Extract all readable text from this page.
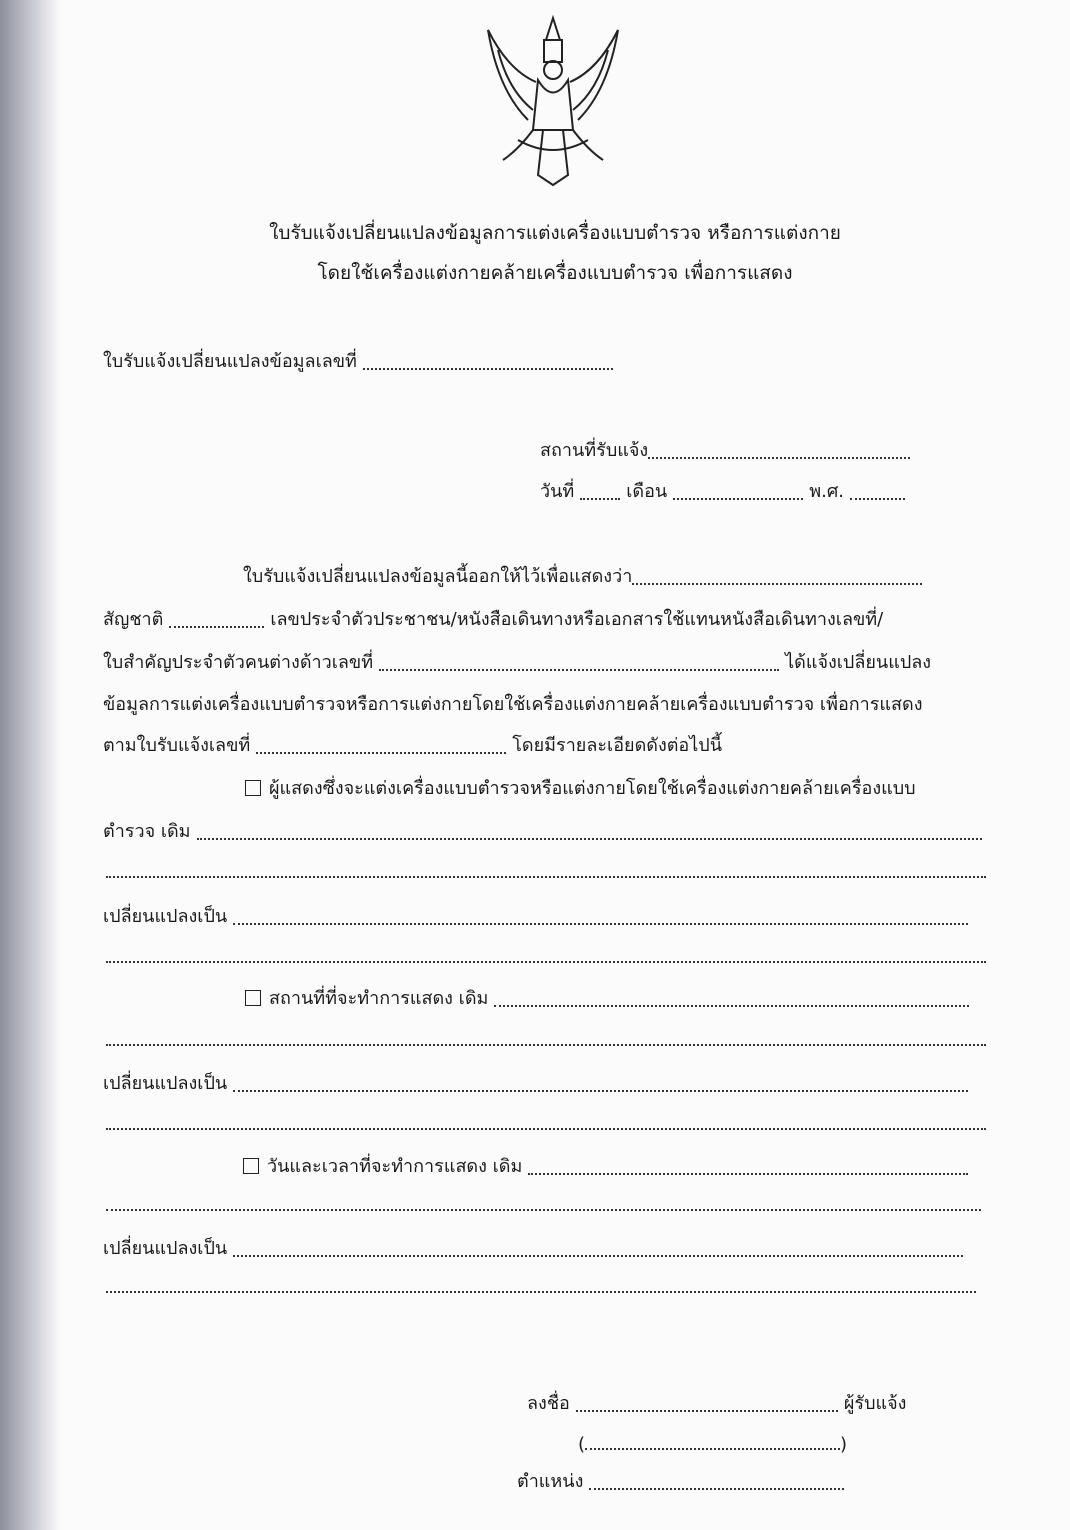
ใบรับแจ้งเปลี่ยนแปลงข้อมูลการแต่งเครื่องแบบตำรวจ หรือการแต่งกาย
โดยใช้เครื่องแต่งกายคล้ายเครื่องแบบตำรวจ เพื่อการแสดง
ใบรับแจ้งเปลี่ยนแปลงข้อมูลเลขที่
สถานที่รับแจ้ง
วันที่	เดือน	พ.ศ.
ใบรับแจ้งเปลี่ยนแปลงข้อมูลนี้ออกให้ไว้เพื่อแสดงว่า
สัญชาติ	เลขประจำตัวประชาชน/หนังสือเดินทางหรือเอกสารใช้แทนหนังสือเดินทางเลขที่/
ใบสำคัญประจำตัวคนต่างด้าวเลขที่	ได้แจ้งเปลี่ยนแปลง
ข้อมูลการแต่งเครื่องแบบตำรวจหรือการแต่งกายโดยใช้เครื่องแต่งกายคล้ายเครื่องแบบตำรวจ เพื่อการแสดง
ตามใบรับแจ้งเลขที่	โดยมีรายละเอียดดังต่อไปนี้
ผู้แสดงซึ่งจะแต่งเครื่องแบบตำรวจหรือแต่งกายโดยใช้เครื่องแต่งกายคล้ายเครื่องแบบ
ตำรวจ เดิม
เปลี่ยนแปลงเป็น
สถานที่ที่จะทำการแสดง เดิม
เปลี่ยนแปลงเป็น
วันและเวลาที่จะทำการแสดง เดิม
เปลี่ยนแปลงเป็น
ลงชื่อ	ผู้รับแจ้ง
(	)
ตำแหน่ง
